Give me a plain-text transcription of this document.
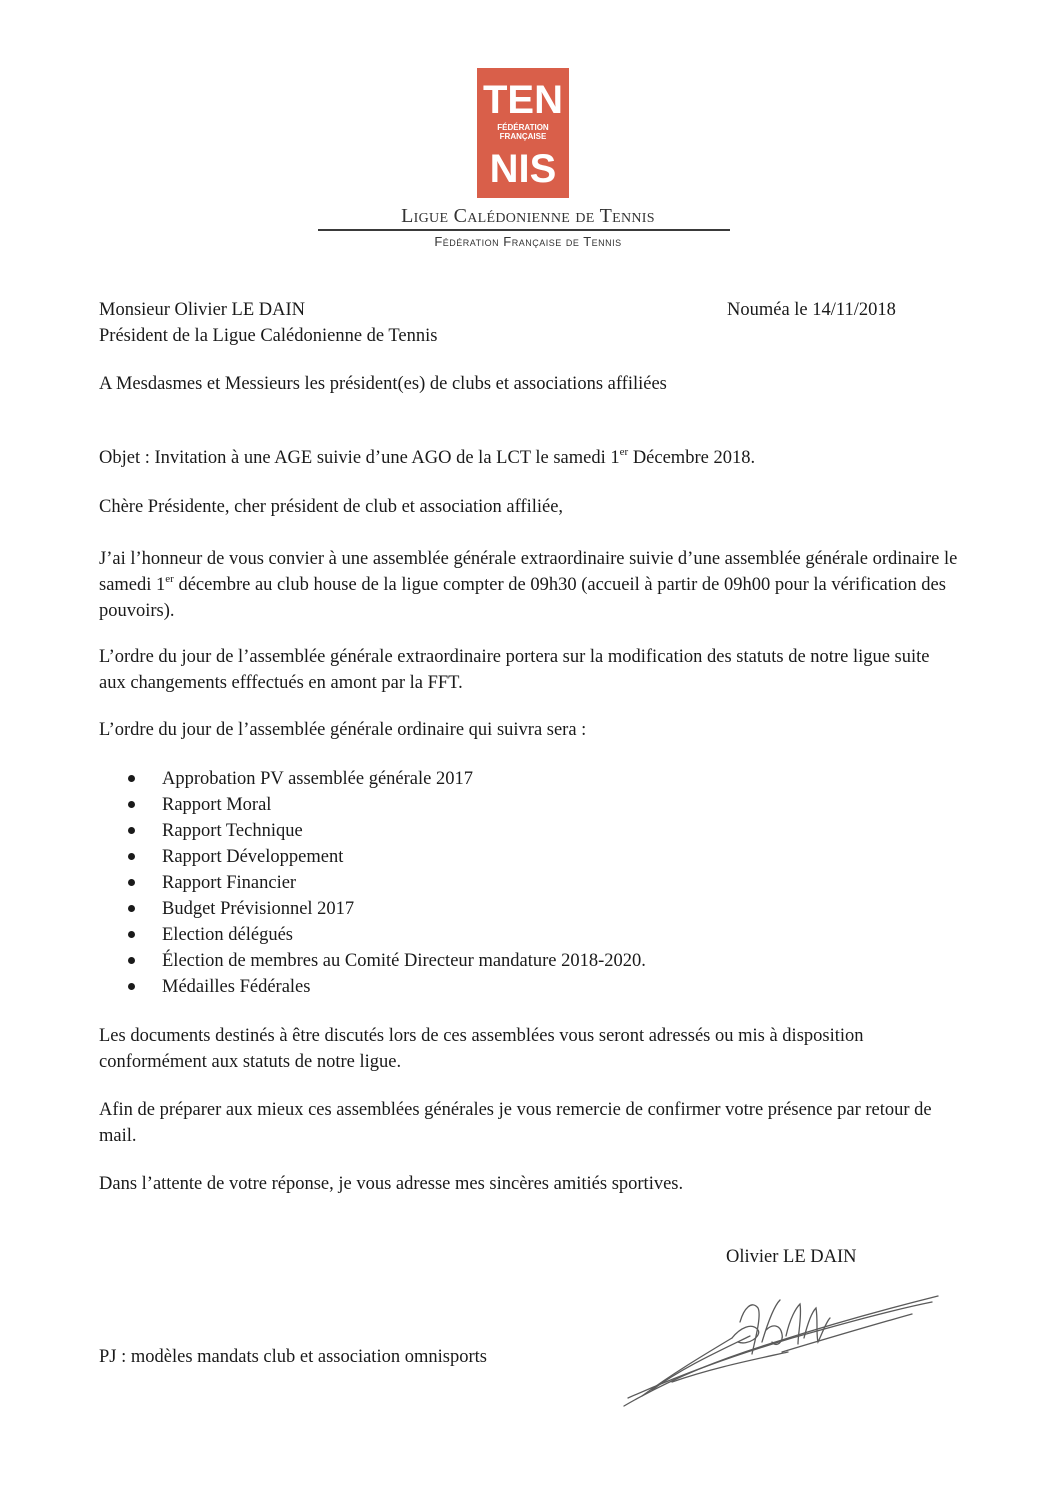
TEN
FÉDÉRATION
FRANÇAISE
NIS
Ligue Calédonienne de Tennis
Fédération Française de Tennis
Monsieur Olivier LE DAIN
Président de la Ligue Calédonienne de Tennis
Nouméa le 14/11/2018
A Mesdasmes et Messieurs les président(es) de clubs et associations affiliées
Objet : Invitation à une AGE suivie d’une AGO de la LCT le samedi 1er Décembre 2018.
Chère Présidente, cher président de club et association affiliée,
J’ai l’honneur de vous convier à une assemblée générale extraordinaire suivie d’une assemblée générale ordinaire le samedi 1er décembre au club house de la ligue compter de 09h30 (accueil à partir de 09h00 pour la vérification des pouvoirs).
L’ordre du jour de l’assemblée générale extraordinaire portera sur la modification des statuts de notre ligue suite aux changements efffectués en amont par la FFT.
L’ordre du jour de l’assemblée générale ordinaire qui suivra sera :
Approbation PV assemblée générale 2017
Rapport Moral
Rapport Technique
Rapport Développement
Rapport Financier
Budget Prévisionnel 2017
Election délégués
Élection de membres au Comité Directeur mandature 2018-2020.
Médailles Fédérales
Les documents destinés à être discutés lors de ces assemblées vous seront adressés ou mis à disposition conformément aux statuts de notre ligue.
Afin de préparer aux mieux ces assemblées générales je vous remercie de confirmer votre présence par retour de mail.
Dans l’attente de votre réponse, je vous adresse mes sincères amitiés sportives.
Olivier LE DAIN
PJ : modèles mandats club et association omnisports
